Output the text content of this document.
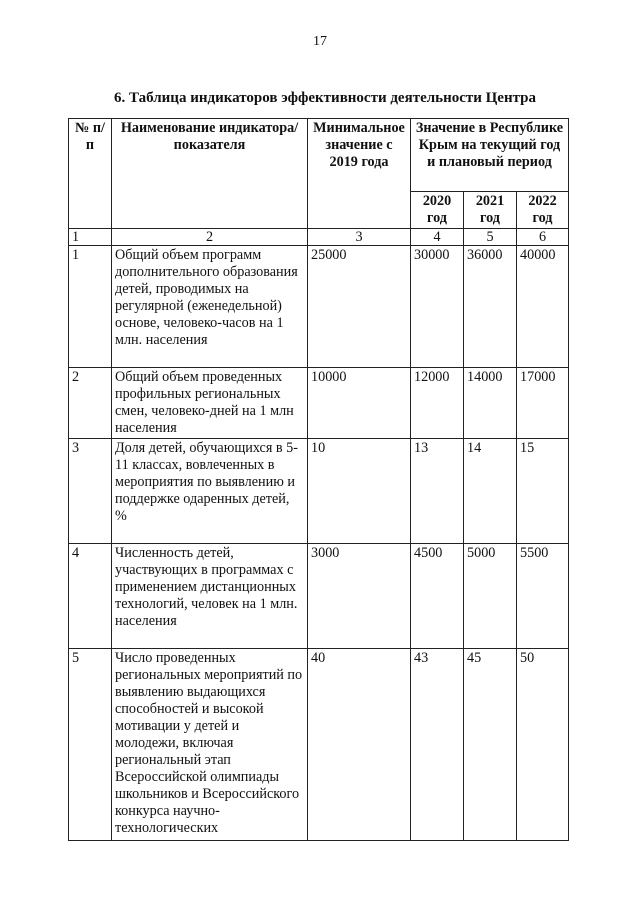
17
6. Таблица индикаторов эффективности деятельности Центра
№ п/п	Наименование индикатора/показателя	Минимальное значение с 2019 года	Значение в Республике Крым на текущий год и плановый период		
			2020 год	2021 год	2022 год
1	2	3	4	5	6
1	Общий объем программ дополнительного образования детей, проводимых на регулярной (еженедельной) основе, человеко-часов на 1 млн. населения	25000	30000	36000	40000
2	Общий объем проведенных профильных региональных смен, человеко-дней на 1 млн населения	10000	12000	14000	17000
3	Доля детей, обучающихся в 5-11 классах, вовлеченных в мероприятия по выявлению и поддержке одаренных детей, %	10	13	14	15
4	Численность детей, участвующих в программах с применением дистанционных технологий, человек на 1 млн. населения	3000	4500	5000	5500
5	Число проведенных региональных мероприятий по выявлению выдающихся способностей и высокой мотивации у детей и молодежи, включая региональный этап Всероссийской олимпиады школьников и Всероссийского конкурса научно-технологических	40	43	45	50
